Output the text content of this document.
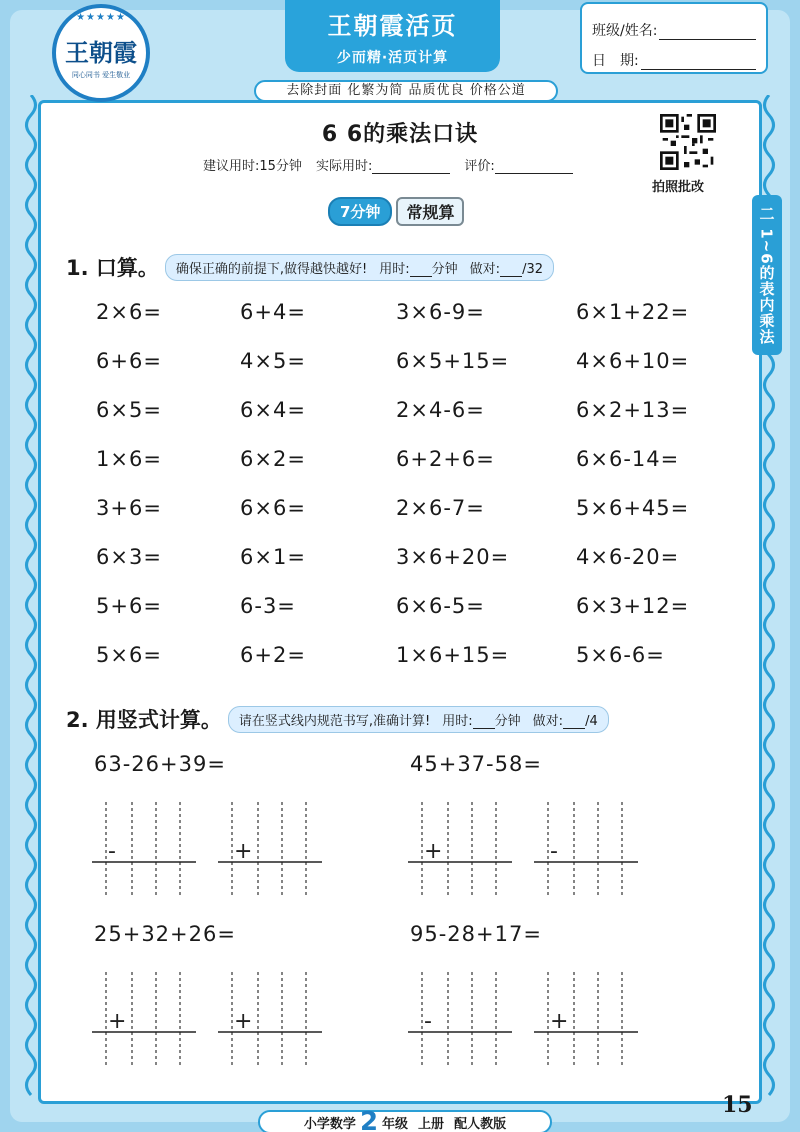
★★★★★
王朝霞
同心同书 爱生敬业
王朝霞活页
少而精·活页计算
去除封面 化繁为简 品质优良 价格公道
班级/姓名:
日　期:
6 6的乘法口诀
建议用时:15分钟 实际用时:	评价:
拍照批改
7分钟	常规算	二 1~6的表内乘法
1. 口算。 确保正确的前提下,做得越快越好! 用时: 分钟 做对: /32
2×6=	6+4=	3×6-9=	6×1+22=
6+6=	4×5=	6×5+15=	4×6+10=
6×5=	6×4=	2×4-6=	6×2+13=
1×6=	6×2=	6+2+6=	6×6-14=
3+6=	6×6=	2×6-7=	5×6+45=
6×3=	6×1=	3×6+20=	4×6-20=
5+6=	6-3=	6×6-5=	6×3+12=
5×6=	6+2=	1×6+15=	5×6-6=
2. 用竖式计算。 请在竖式线内规范书写,准确计算! 用时: 分钟 做对: /4
63-26+39=
-	+
45+37-58=
+	-
25+32+26=
+	+
95-28+17=
-	+
小学数学 2 年级 上册 配人教版
15
